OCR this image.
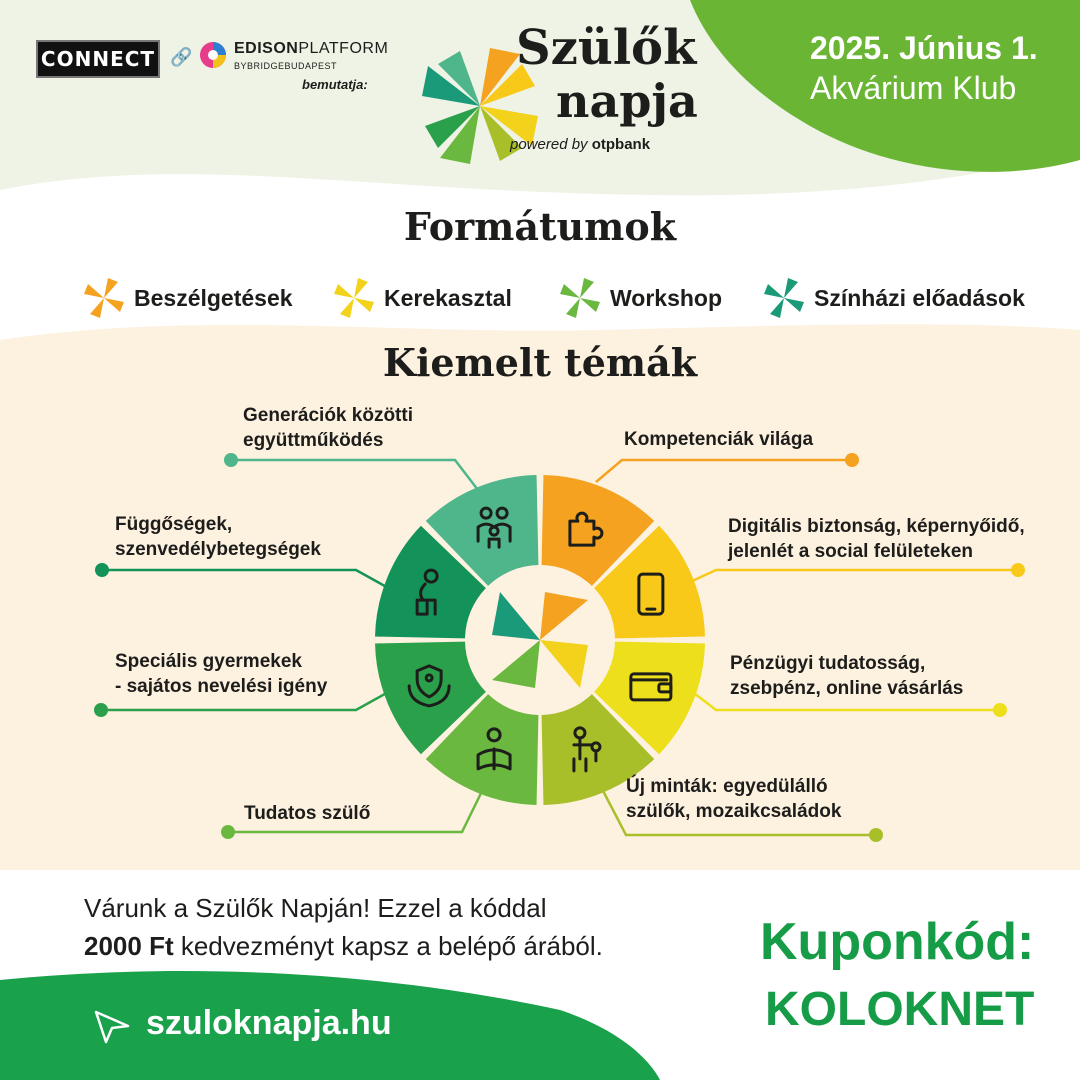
CONNECT 🔗	EDISONPLATFORM
BYBRIDGEBUDAPEST
bemutatja:
Szülők
napja
powered by otpbank
2025. Június 1.
Akvárium Klub
Formátumok
Beszélgetések	Kerekasztal	Workshop	Színházi előadások
Kiemelt témák
Kompetenciák világa
Digitális biztonság, képernyőidő,
jelenlét a social felületeken
Pénzügyi tudatosság,
zsebpénz, online vásárlás
Új minták: egyedülálló
szülők, mozaikcsaládok
Tudatos szülő
Speciális gyermekek
- sajátos nevelési igény
Függőségek,
szenvedélybetegségek
Generációk közötti
együttműködés
Várunk a Szülők Napján! Ezzel a kóddal
2000 Ft kedvezményt kapsz a belépő árából.	Kuponkód:
KOLOKNET
szuloknapja.hu
